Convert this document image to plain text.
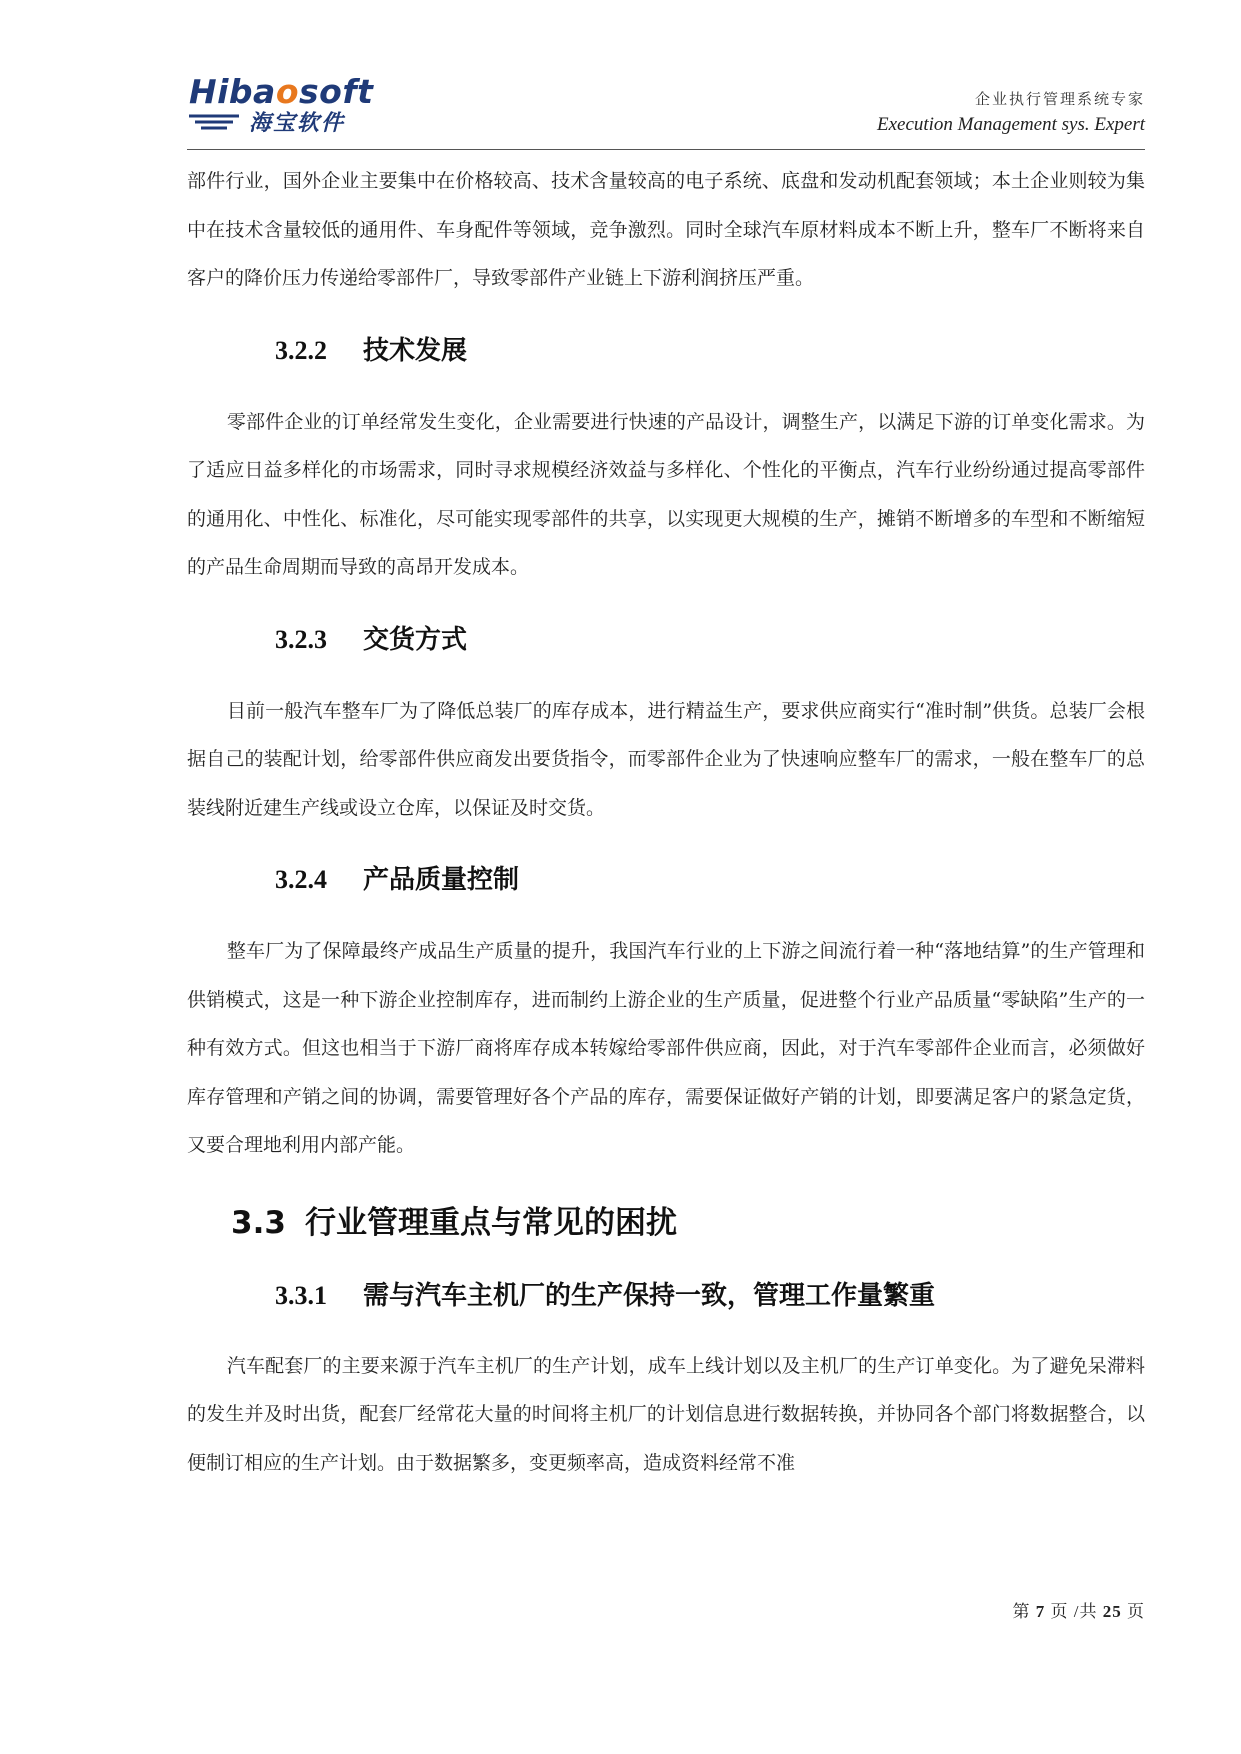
Hibaosoft
海宝软件
企业执行管理系统专家
Execution Management sys. Expert

部件行业，国外企业主要集中在价格较高、技术含量较高的电子系统、底盘和发动机配套领域；本土企业则较为集中在技术含量较低的通用件、车身配件等领域，竞争激烈。同时全球汽车原材料成本不断上升，整车厂不断将来自客户的降价压力传递给零部件厂，导致零部件产业链上下游利润挤压严重。

3.2.2 技术发展

零部件企业的订单经常发生变化，企业需要进行快速的产品设计，调整生产，以满足下游的订单变化需求。为了适应日益多样化的市场需求，同时寻求规模经济效益与多样化、个性化的平衡点，汽车行业纷纷通过提高零部件的通用化、中性化、标准化，尽可能实现零部件的共享，以实现更大规模的生产，摊销不断增多的车型和不断缩短的产品生命周期而导致的高昂开发成本。

3.2.3 交货方式

目前一般汽车整车厂为了降低总装厂的库存成本，进行精益生产，要求供应商实行“准时制”供货。总装厂会根据自己的装配计划，给零部件供应商发出要货指令，而零部件企业为了快速响应整车厂的需求，一般在整车厂的总装线附近建生产线或设立仓库，以保证及时交货。

3.2.4 产品质量控制

整车厂为了保障最终产成品生产质量的提升，我国汽车行业的上下游之间流行着一种“落地结算”的生产管理和供销模式，这是一种下游企业控制库存，进而制约上游企业的生产质量，促进整个行业产品质量“零缺陷”生产的一种有效方式。但这也相当于下游厂商将库存成本转嫁给零部件供应商，因此，对于汽车零部件企业而言，必须做好库存管理和产销之间的协调，需要管理好各个产品的库存，需要保证做好产销的计划，即要满足客户的紧急定货，又要合理地利用内部产能。

3.3 行业管理重点与常见的困扰
3.3.1 需与汽车主机厂的生产保持一致，管理工作量繁重

汽车配套厂的主要来源于汽车主机厂的生产计划，成车上线计划以及主机厂的生产订单变化。为了避免呆滞料的发生并及时出货，配套厂经常花大量的时间将主机厂的计划信息进行数据转换，并协同各个部门将数据整合，以便制订相应的生产计划。由于数据繁多，变更频率高，造成资料经常不准

第 7 页 /共 25 页
